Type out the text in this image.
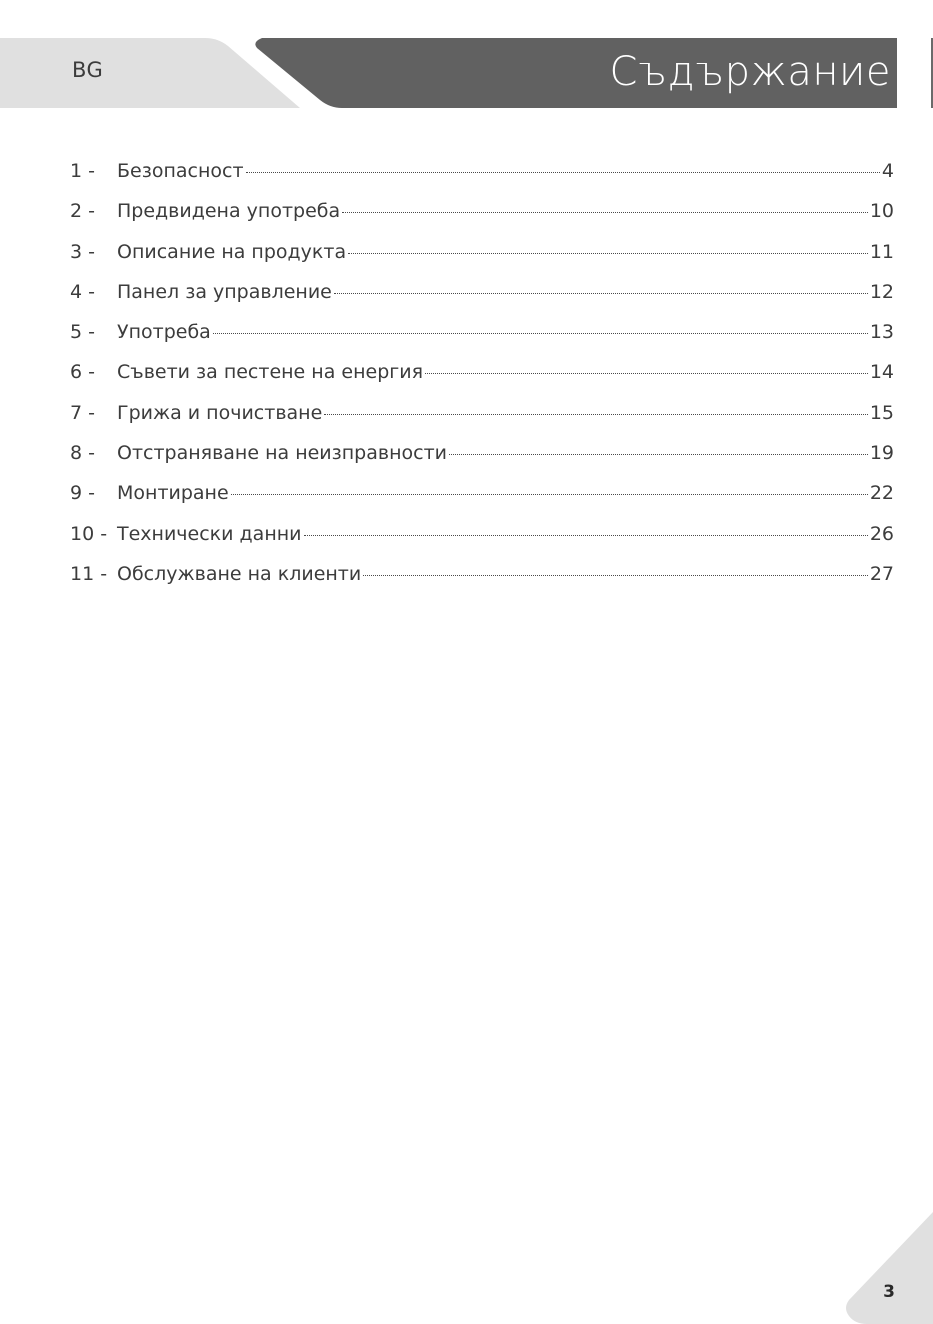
BG	Съдържание
1 -	Безопасност	4
2 -	Предвидена употреба	10
3 -	Описание на продукта	11
4 -	Панел за управление	12
5 -	Употреба	13
6 -	Съвети за пестене на енергия	14
7 -	Грижа и почистване	15
8 -	Отстраняване на неизправности	19
9 -	Монтиране	22
10 - Технически данни	26
11 - Обслужване на клиенти	27
3
